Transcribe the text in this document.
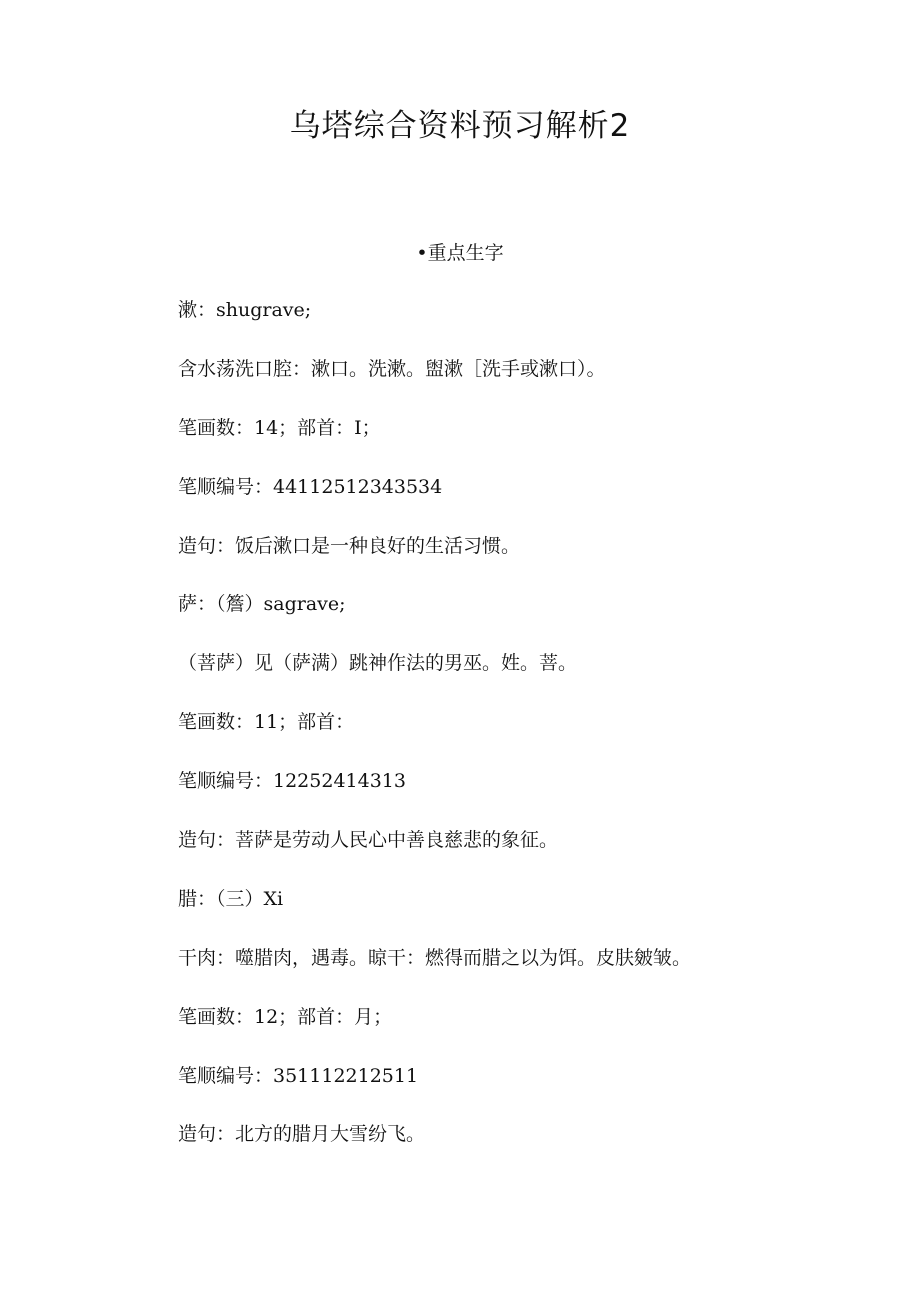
乌塔综合资料预习解析2
•重点生字
漱：shugrave;
含水荡洗口腔：漱口。洗漱。盥漱［洗手或漱口）。
笔画数：14；部首：I；
笔顺编号：44112512343534
造句：饭后漱口是一种良好的生活习惯。
萨：（簷）sagrave;
（菩萨）见（萨满）跳神作法的男巫。姓。菩。
笔画数：11；部首：
笔顺编号：12252414313
造句：菩萨是劳动人民心中善良慈悲的象征。
腊：（三）Xi
干肉：噬腊肉，遇毒。晾干：燃得而腊之以为饵。皮肤皴皱。
笔画数：12；部首：月；
笔顺编号：351112212511
造句：北方的腊月大雪纷飞。
